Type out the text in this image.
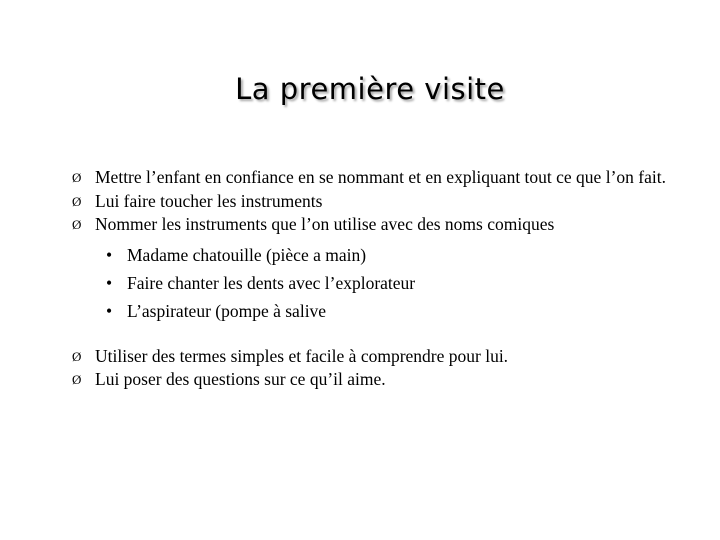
La première visite
Ø Mettre l’enfant en confiance en se nommant et en expliquant tout ce que l’on fait.
Ø Lui faire toucher les instruments
Ø Nommer les instruments que l’on utilise avec des noms comiques
• Madame chatouille (pièce a main)
• Faire chanter les dents avec l’explorateur
• L’aspirateur (pompe à salive
Ø Utiliser des termes simples et facile à comprendre pour lui.
Ø Lui poser des questions sur ce qu’il aime.
